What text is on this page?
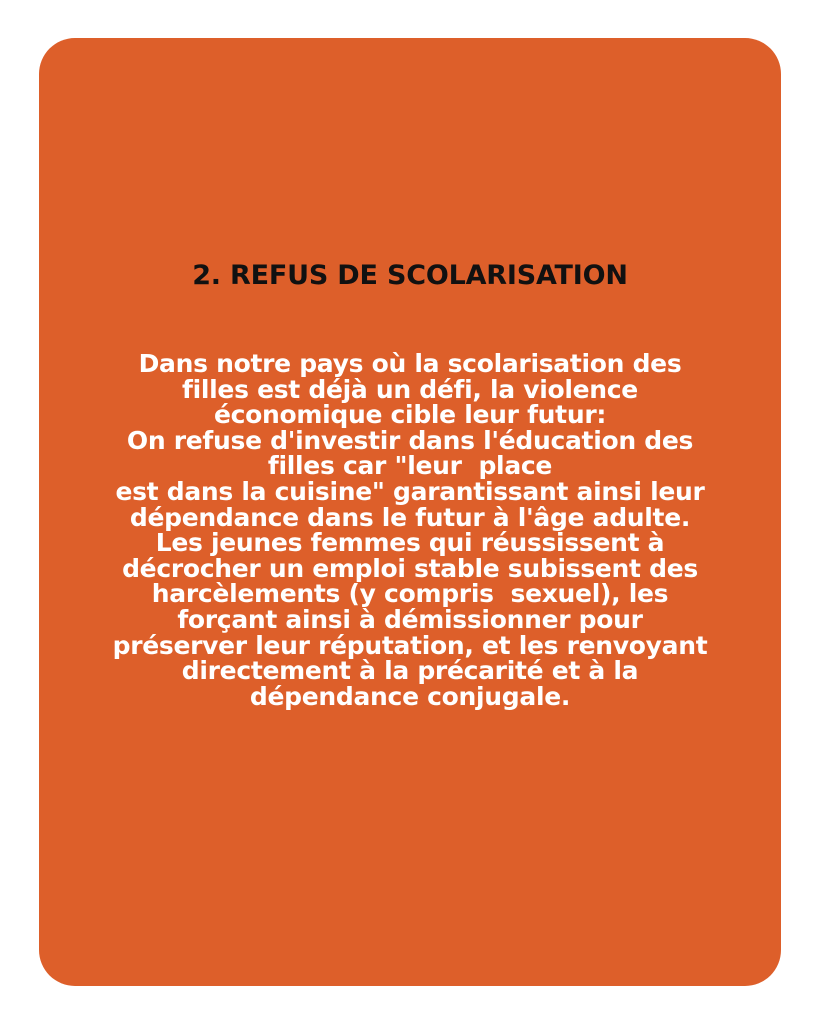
2. REFUS DE SCOLARISATION

Dans notre pays où la scolarisation des
filles est déjà un défi, la violence
économique cible leur futur:
On refuse d'investir dans l'éducation des
filles car "leur  place
est dans la cuisine" garantissant ainsi leur
dépendance dans le futur à l'âge adulte.
Les jeunes femmes qui réussissent à
décrocher un emploi stable subissent des
harcèlements (y compris  sexuel), les
forçant ainsi à démissionner pour
préserver leur réputation, et les renvoyant
directement à la précarité et à la
dépendance conjugale.
